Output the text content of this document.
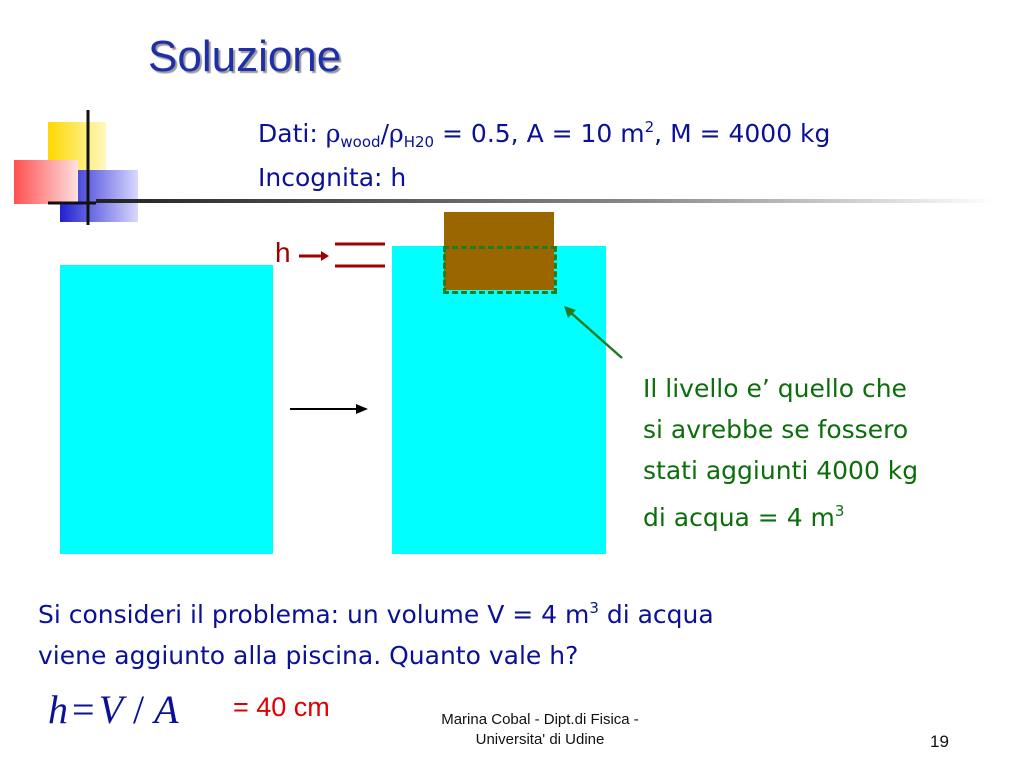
Soluzione
Dati: $\rho_{wood}/\rho_{H20} = 0.5$, A = 10 $m^2$, M = 4000 kg
Incognita: h
h
Il livello e’ quello che
si avrebbe se fossero
stati aggiunti 4000 kg
di acqua = 4 $m^3$
Si consideri il problema: un volume V = 4 $m^3$ di acqua
viene aggiunto alla piscina. Quanto vale h?
h = V / A = 40 cm	Marina Cobal - Dipt.di Fisica -
Universita' di Udine	19
